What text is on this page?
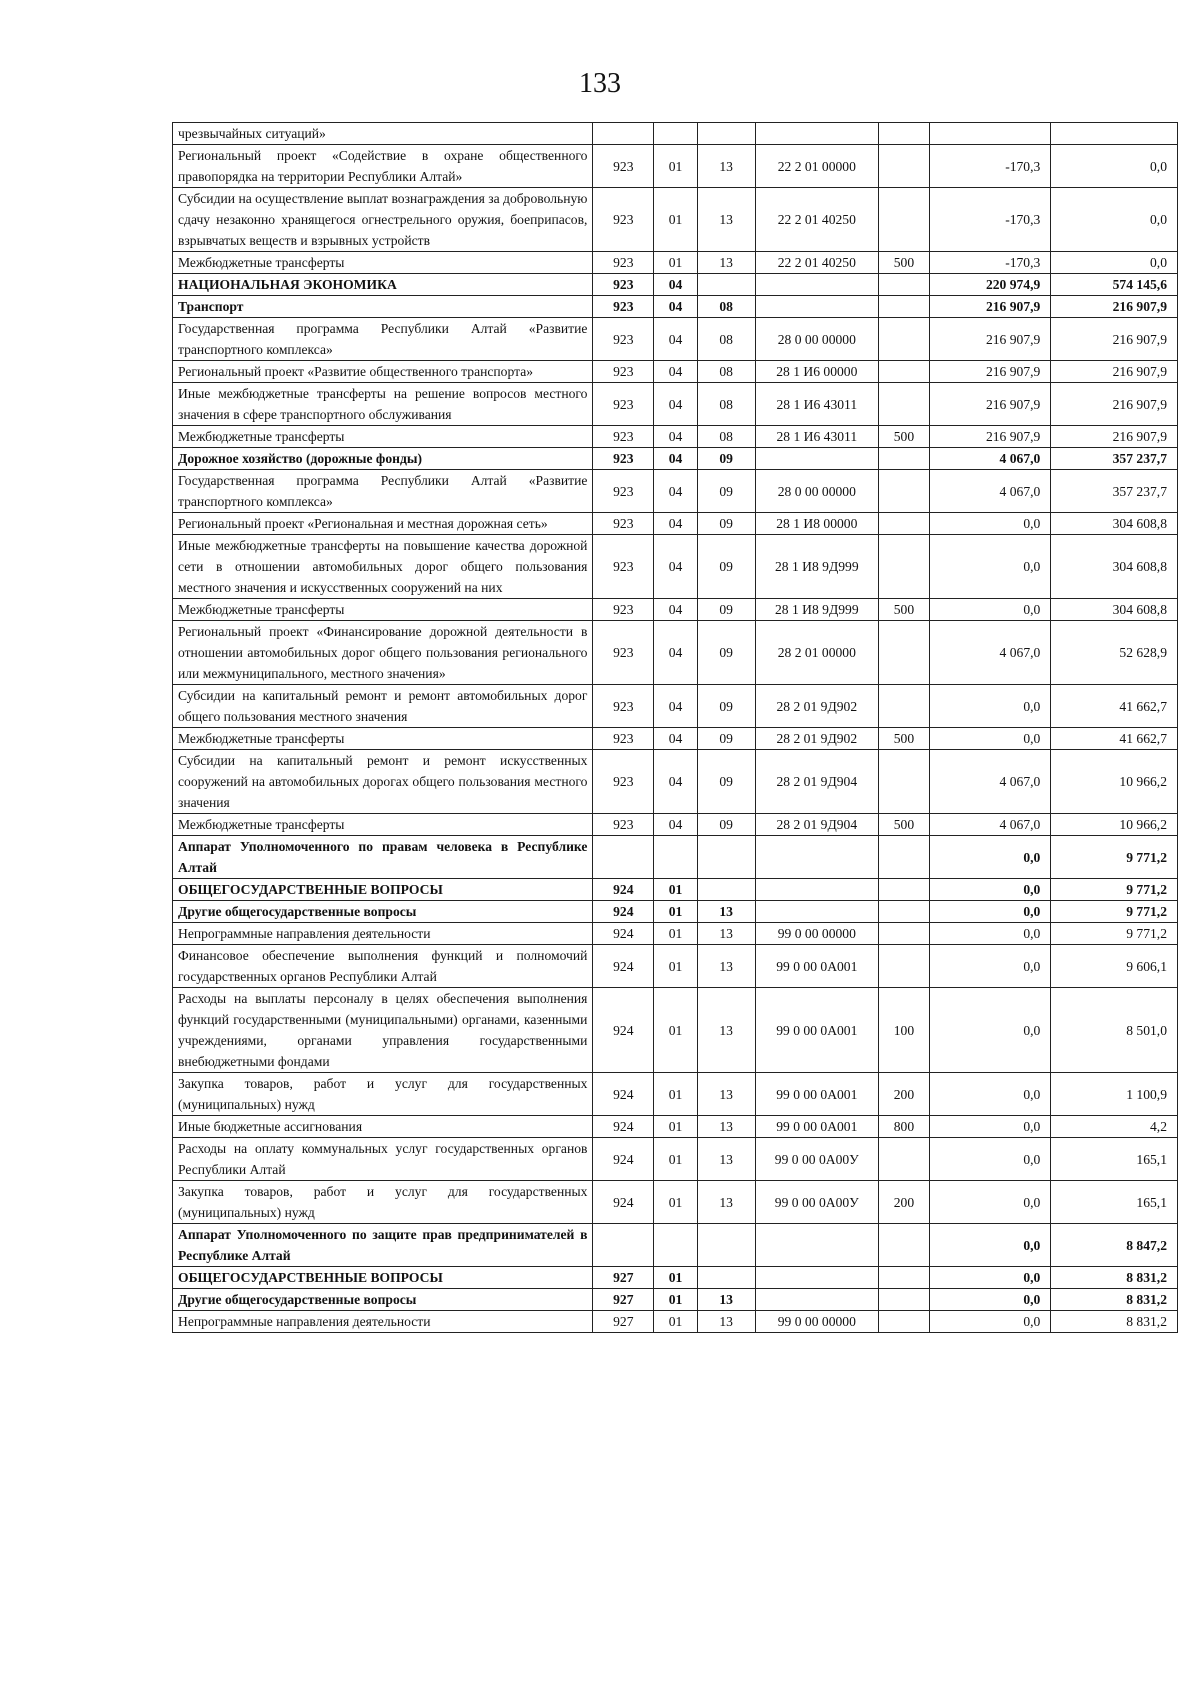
133
чрезвычайных ситуаций»							
Региональный проект «Содействие в охране общественного правопорядка на территории Республики Алтай»	923	01	13	22 2 01 00000		-170,3	0,0
Субсидии на осуществление выплат вознаграждения за добровольную сдачу незаконно хранящегося огнестрельного оружия, боеприпасов, взрывчатых веществ и взрывных устройств	923	01	13	22 2 01 40250		-170,3	0,0
Межбюджетные трансферты	923	01	13	22 2 01 40250	500	-170,3	0,0
НАЦИОНАЛЬНАЯ ЭКОНОМИКА	923	04				220 974,9	574 145,6
Транспорт	923	04	08			216 907,9	216 907,9
Государственная программа Республики Алтай «Развитие транспортного комплекса»	923	04	08	28 0 00 00000		216 907,9	216 907,9
Региональный проект «Развитие общественного транспорта»	923	04	08	28 1 И6 00000		216 907,9	216 907,9
Иные межбюджетные трансферты на решение вопросов местного значения в сфере транспортного обслуживания	923	04	08	28 1 И6 43011		216 907,9	216 907,9
Межбюджетные трансферты	923	04	08	28 1 И6 43011	500	216 907,9	216 907,9
Дорожное хозяйство (дорожные фонды)	923	04	09			4 067,0	357 237,7
Государственная программа Республики Алтай «Развитие транспортного комплекса»	923	04	09	28 0 00 00000		4 067,0	357 237,7
Региональный проект «Региональная и местная дорожная сеть»	923	04	09	28 1 И8 00000		0,0	304 608,8
Иные межбюджетные трансферты на повышение качества дорожной сети в отношении автомобильных дорог общего пользования местного значения и искусственных сооружений на них	923	04	09	28 1 И8 9Д999		0,0	304 608,8
Межбюджетные трансферты	923	04	09	28 1 И8 9Д999	500	0,0	304 608,8
Региональный проект «Финансирование дорожной деятельности в отношении автомобильных дорог общего пользования регионального или межмуниципального, местного значения»	923	04	09	28 2 01 00000		4 067,0	52 628,9
Субсидии на капитальный ремонт и ремонт автомобильных дорог общего пользования местного значения	923	04	09	28 2 01 9Д902		0,0	41 662,7
Межбюджетные трансферты	923	04	09	28 2 01 9Д902	500	0,0	41 662,7
Субсидии на капитальный ремонт и ремонт искусственных сооружений на автомобильных дорогах общего пользования местного значения	923	04	09	28 2 01 9Д904		4 067,0	10 966,2
Межбюджетные трансферты	923	04	09	28 2 01 9Д904	500	4 067,0	10 966,2
Аппарат Уполномоченного по правам человека в Республике Алтай						0,0	9 771,2
ОБЩЕГОСУДАРСТВЕННЫЕ ВОПРОСЫ	924	01				0,0	9 771,2
Другие общегосударственные вопросы	924	01	13			0,0	9 771,2
Непрограммные направления деятельности	924	01	13	99 0 00 00000		0,0	9 771,2
Финансовое обеспечение выполнения функций и полномочий государственных органов Республики Алтай	924	01	13	99 0 00 0А001		0,0	9 606,1
Расходы на выплаты персоналу в целях обеспечения выполнения функций государственными (муниципальными) органами, казенными учреждениями, органами управления государственными внебюджетными фондами	924	01	13	99 0 00 0А001	100	0,0	8 501,0
Закупка товаров, работ и услуг для государственных (муниципальных) нужд	924	01	13	99 0 00 0А001	200	0,0	1 100,9
Иные бюджетные ассигнования	924	01	13	99 0 00 0А001	800	0,0	4,2
Расходы на оплату коммунальных услуг государственных органов Республики Алтай	924	01	13	99 0 00 0А00У		0,0	165,1
Закупка товаров, работ и услуг для государственных (муниципальных) нужд	924	01	13	99 0 00 0А00У	200	0,0	165,1
Аппарат Уполномоченного по защите прав предпринимателей в Республике Алтай						0,0	8 847,2
ОБЩЕГОСУДАРСТВЕННЫЕ ВОПРОСЫ	927	01				0,0	8 831,2
Другие общегосударственные вопросы	927	01	13			0,0	8 831,2
Непрограммные направления деятельности	927	01	13	99 0 00 00000		0,0	8 831,2
